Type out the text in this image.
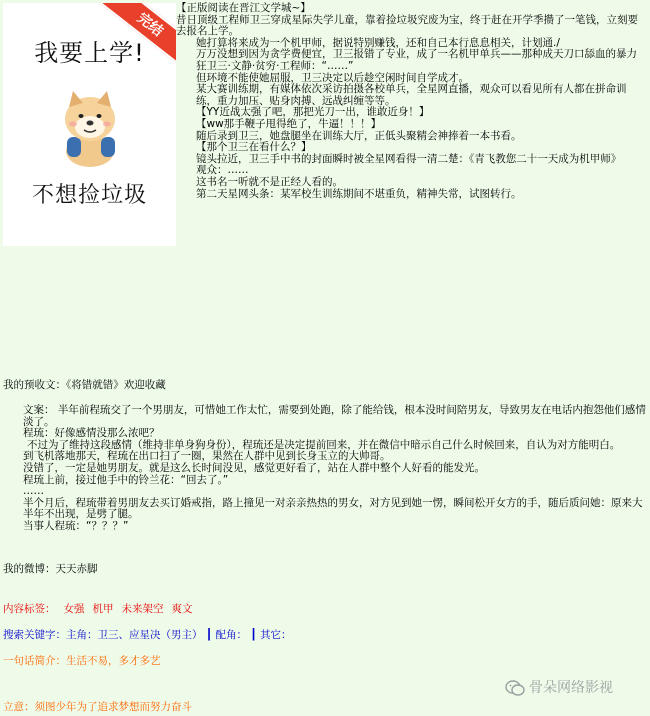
我要上学!
完结
不想捡垃圾

【正版阅读在晋江文学城~】

昔日顶级工程师卫三穿成星际失学儿童，靠着捡垃圾究废为宝，终于赶在开学季攒了一笔钱，立刻要去报名上学。

她打算将来成为一个机甲师，据说特别赚钱，还和自己本行息息相关，计划通./

万万没想到因为贪学费便宜，卫三报错了专业，成了一名机甲单兵——那种成天刀口舔血的暴力狂卫三·文静·贫穷·工程师：“……”

但环境不能使她屈服，卫三决定以后趁空闲时间自学成才。

某大赛训练期，有媒体依次采访拍摄各校单兵，全星网直播，观众可以看见所有人都在拼命训练，重力加压、贴身肉搏、远战纠缠等等。

【YY近战太强了吧，那把光刀一出，谁敢近身！】

【ww那手鞭子甩得绝了，牛逼！！！】

随后录到卫三，她盘腿坐在训练大厅，正低头聚精会神捧着一本书看。

【那个卫三在看什么？】

镜头拉近，卫三手中书的封面瞬时被全星网看得一清二楚：《青飞教您二十一天成为机甲师》

观众：……

这书名一听就不是正经人看的。

第二天星网头条：某军校生训练期间不堪重负，精神失常，试图转行。

我的预收文：《将错就错》欢迎收藏

文案： 半年前程琉交了一个男朋友，可惜她工作太忙，需要到处跑，除了能给钱，根本没时间陪男友，导致男友在电话内抱怨他们感情淡了。

程琉：好像感情没那么浓吧？

不过为了维持这段感情（维持非单身狗身份），程琉还是决定提前回来，并在微信中暗示自己什么时候回来，自认为对方能明白。

到飞机落地那天，程琉在出口扫了一圈，果然在人群中见到长身玉立的大帅哥。

没错了，一定是她男朋友。就是这么长时间没见，感觉更好看了，站在人群中整个人好看的能发光。

程琉上前，接过他手中的铃兰花：“回去了。”

……

半个月后，程琉带着男朋友去买订婚戒指，路上撞见一对亲亲热热的男女，对方见到她一愣，瞬间松开女方的手，随后质问她：原来大半年不出现，是劈了腿。

当事人程琉：“？？？”

我的微博：天天赤脚

内容标签： 女强 机甲 未来架空 爽文

搜索关键字：主角：卫三、应星决（男主） ┃ 配角： ┃ 其它：

一句话简介：生活不易，多才多艺

立意：须图少年为了追求梦想而努力奋斗

骨朵网络影视
